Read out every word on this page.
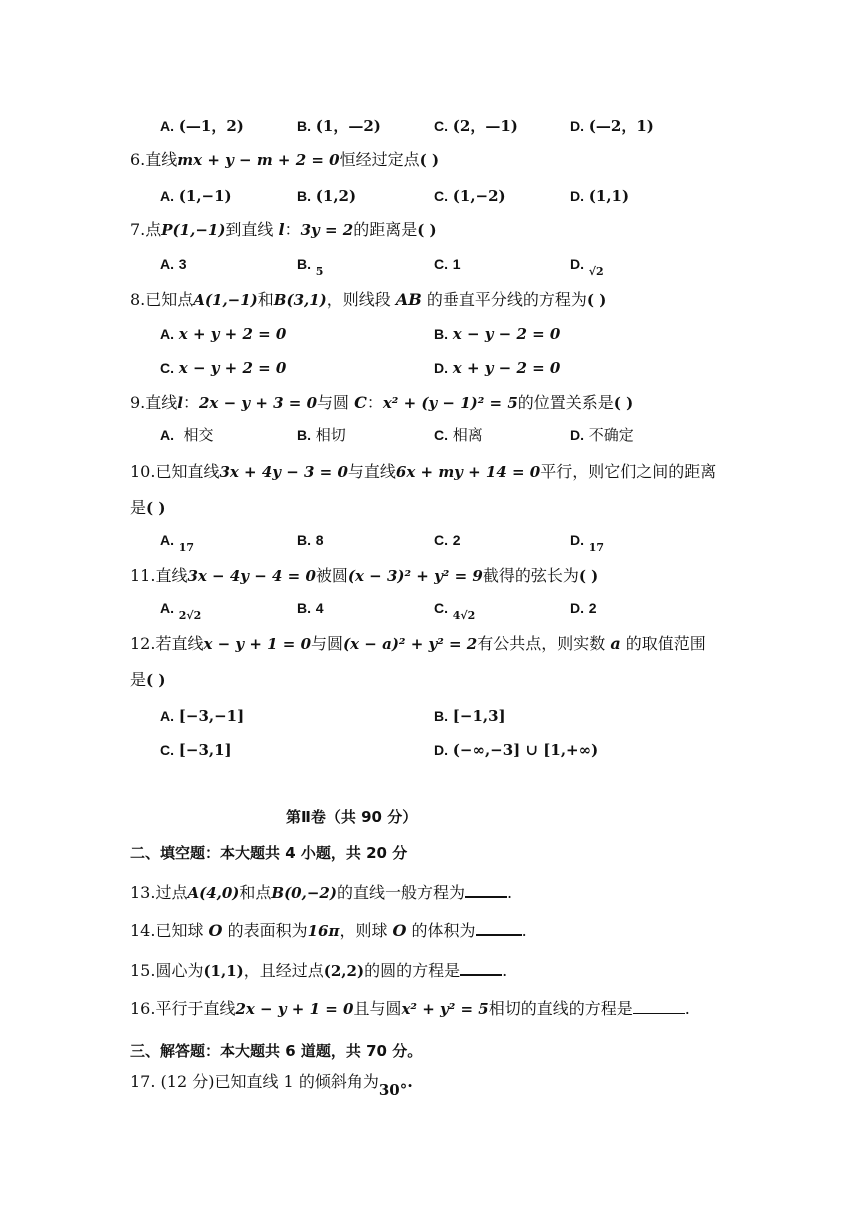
A. (—1，2)	B. (1，—2)	C. (2，—1)	D. (—2，1)
6.直线mx + y − m + 2 = 0恒经过定点( )
A. (1,−1)	B. (1,2)	C. (1,−2)	D. (1,1)
7.点P(1,−1)到直线 l：3y = 2的距离是( )
A. 3	B. $_5$	C. 1	D. $_{√2}$
8.已知点A(1,−1)和B(3,1)，则线段 AB 的垂直平分线的方程为( )
A. x + y + 2 = 0	B. x − y − 2 = 0
C. x − y + 2 = 0	D. x + y − 2 = 0
9.直线l：2x − y + 3 = 0与圆 C：x² + (y − 1)² = 5的位置关系是( )
A. 相交	B. 相切	C. 相离	D. 不确定
10.已知直线3x + 4y − 3 = 0与直线6x + my + 14 = 0平行，则它们之间的距离
是( )
A. $_{17}$	B. 8	C. 2	D. $_{17}$
11.直线3x − 4y − 4 = 0被圆(x − 3)² + y² = 9截得的弦长为( )
A. $_{2√2}$	B. 4	C. $_{4√2}$	D. 2
12.若直线x − y + 1 = 0与圆(x − a)² + y² = 2有公共点，则实数 a 的取值范围
是( )
A. [−3,−1]	B. [−1,3]
C. [−3,1]	D. (−∞,−3] ∪ [1,+∞)
第Ⅱ卷（共 90 分）
二、填空题：本大题共 4 小题，共 20 分
13.过点A(4,0)和点B(0,−2)的直线一般方程为	.
14.已知球 O 的表面积为16π，则球 O 的体积为	.
15.圆心为(1,1)，且经过点(2,2)的圆的方程是	.
16.平行于直线2x − y + 1 = 0且与圆x² + y² = 5相切的直线的方程是	.
三、解答题：本大题共 6 道题，共 70 分。
17. (12 分)已知直线 1 的倾斜角为30°.
